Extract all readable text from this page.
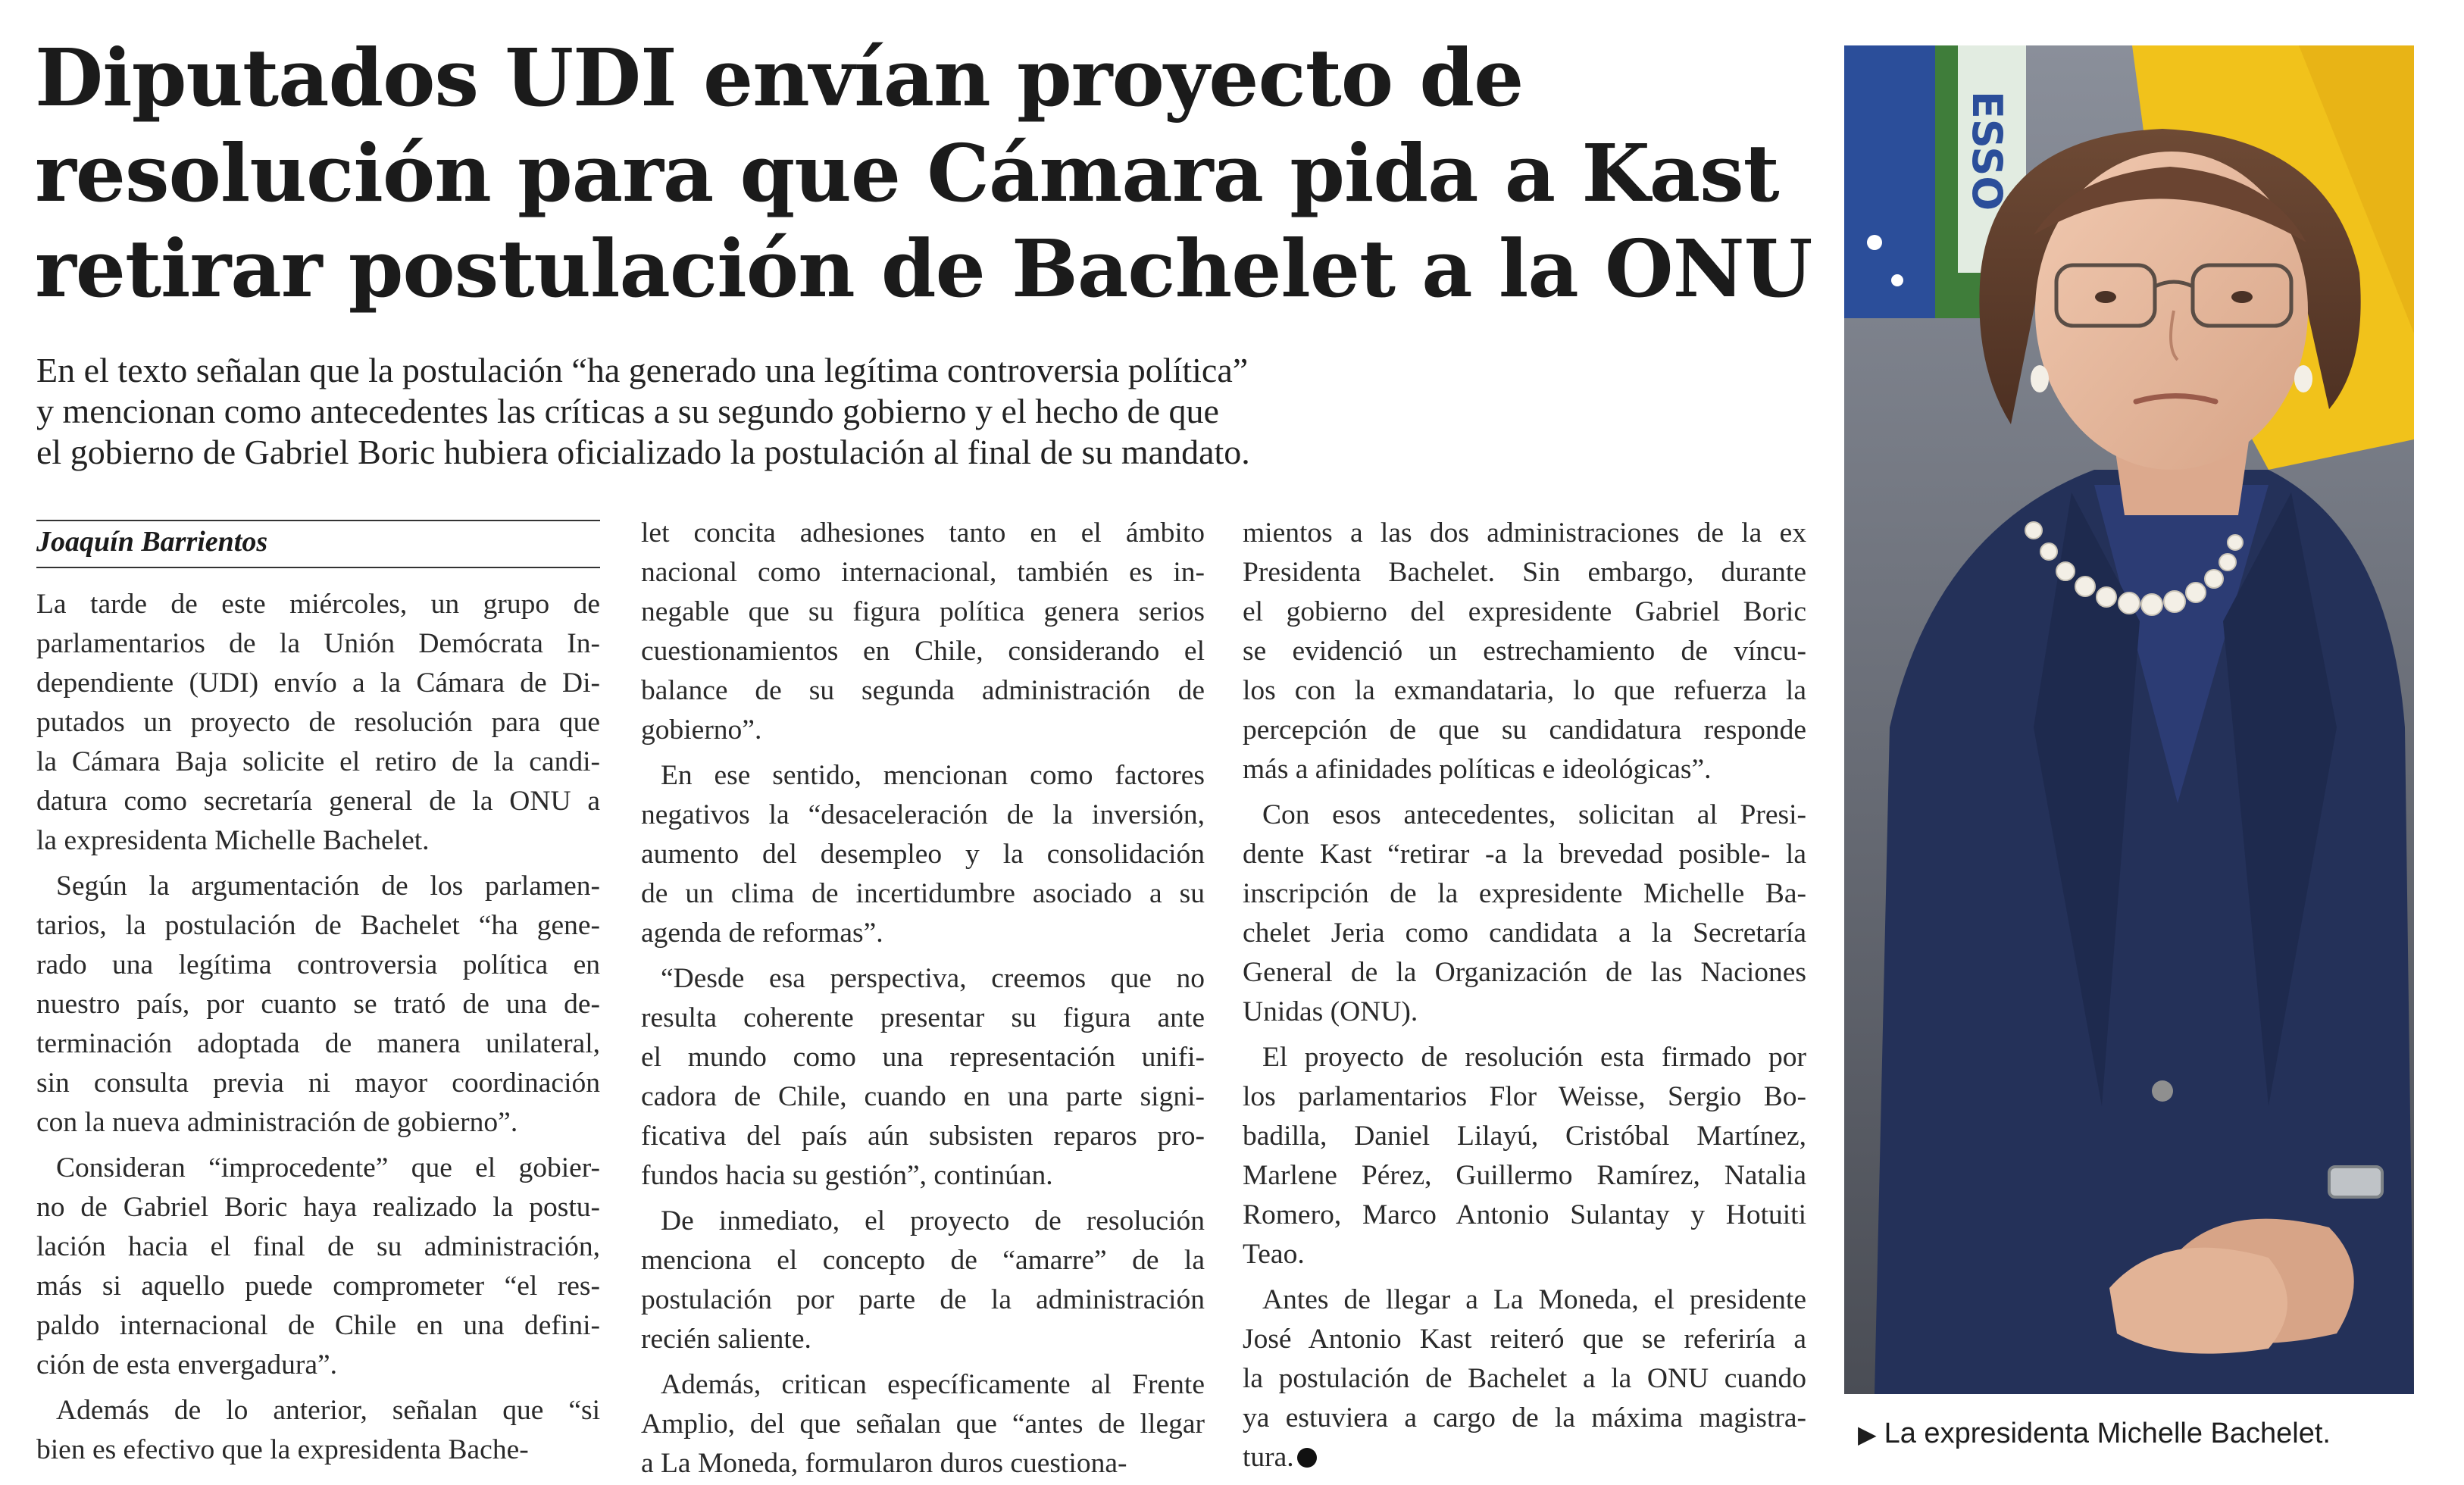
Diputados UDI envían proyecto de
resolución para que Cámara pida a Kast
retirar postulación de Bachelet a la ONU
En el texto señalan que la postulación “ha generado una legítima controversia política”
y mencionan como antecedentes las críticas a su segundo gobierno y el hecho de que
el gobierno de Gabriel Boric hubiera oficializado la postulación al final de su mandato.
Joaquín Barrientos

La tarde de este miércoles, un grupo de
parlamentarios de la Unión Demócrata In-
dependiente (UDI) envío a la Cámara de Di-
putados un proyecto de resolución para que
la Cámara Baja solicite el retiro de la candi-
datura como secretaría general de la ONU a
la expresidenta Michelle Bachelet.

Según la argumentación de los parlamen-
tarios, la postulación de Bachelet “ha gene-
rado una legítima controversia política en
nuestro país, por cuanto se trató de una de-
terminación adoptada de manera unilateral,
sin consulta previa ni mayor coordinación
con la nueva administración de gobierno”.

Consideran “improcedente” que el gobier-
no de Gabriel Boric haya realizado la postu-
lación hacia el final de su administración,
más si aquello puede comprometer “el res-
paldo internacional de Chile en una defini-
ción de esta envergadura”.

Además de lo anterior, señalan que “si
bien es efectivo que la expresidenta Bache-

let concita adhesiones tanto en el ámbito
nacional como internacional, también es in-
negable que su figura política genera serios
cuestionamientos en Chile, considerando el
balance de su segunda administración de
gobierno”.

En ese sentido, mencionan como factores
negativos la “desaceleración de la inversión,
aumento del desempleo y la consolidación
de un clima de incertidumbre asociado a su
agenda de reformas”.

“Desde esa perspectiva, creemos que no
resulta coherente presentar su figura ante
el mundo como una representación unifi-
cadora de Chile, cuando en una parte signi-
ficativa del país aún subsisten reparos pro-
fundos hacia su gestión”, continúan.

De inmediato, el proyecto de resolución
menciona el concepto de “amarre” de la
postulación por parte de la administración
recién saliente.

Además, critican específicamente al Frente
Amplio, del que señalan que “antes de llegar
a La Moneda, formularon duros cuestiona-

mientos a las dos administraciones de la ex
Presidenta Bachelet. Sin embargo, durante
el gobierno del expresidente Gabriel Boric
se evidenció un estrechamiento de víncu-
los con la exmandataria, lo que refuerza la
percepción de que su candidatura responde
más a afinidades políticas e ideológicas”.

Con esos antecedentes, solicitan al Presi-
dente Kast “retirar -a la brevedad posible- la
inscripción de la expresidente Michelle Ba-
chelet Jeria como candidata a la Secretaría
General de la Organización de las Naciones
Unidas (ONU).

El proyecto de resolución esta firmado por
los parlamentarios Flor Weisse, Sergio Bo-
badilla, Daniel Lilayú, Cristóbal Martínez,
Marlene Pérez, Guillermo Ramírez, Natalia
Romero, Marco Antonio Sulantay y Hotuiti
Teao.

Antes de llegar a La Moneda, el presidente
José Antonio Kast reiteró que se referiría a
la postulación de Bachelet a la ONU cuando
ya estuviera a cargo de la máxima magistra-
tura.

ESSO
▶ La expresidenta Michelle Bachelet.
